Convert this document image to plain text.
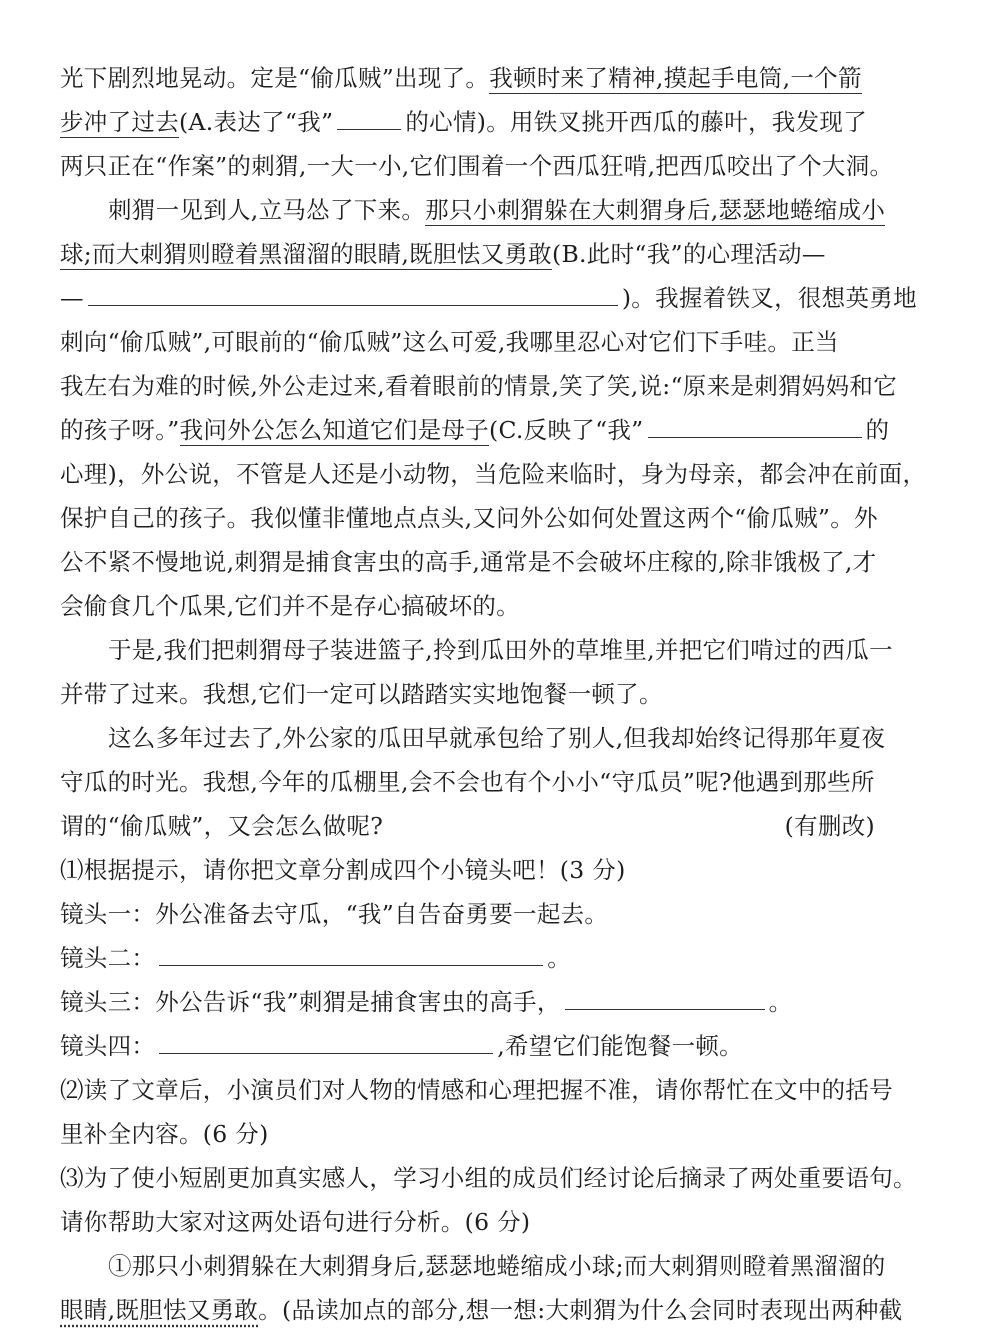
光下剧烈地晃动。定是“偷瓜贼”出现了。我顿时来了精神,摸起手电筒,一个箭
步冲了过去(A.表达了“我”	的心情)。用铁叉挑开西瓜的藤叶，我发现了
两只正在“作案”的刺猬,一大一小,它们围着一个西瓜狂啃,把西瓜咬出了个大洞。
刺猬一见到人,立马怂了下来。那只小刺猬躲在大刺猬身后,瑟瑟地蜷缩成小
球;而大刺猬则瞪着黑溜溜的眼睛,既胆怯又勇敢(B.此时“我”的心理活动—
—	)。我握着铁叉，很想英勇地
刺向“偷瓜贼”,可眼前的“偷瓜贼”这么可爱,我哪里忍心对它们下手哇。正当
我左右为难的时候,外公走过来,看着眼前的情景,笑了笑,说:“原来是刺猬妈妈和它
的孩子呀。”我问外公怎么知道它们是母子(C.反映了“我”	的
心理)，外公说，不管是人还是小动物，当危险来临时，身为母亲，都会冲在前面，
保护自己的孩子。我似懂非懂地点点头,又问外公如何处置这两个“偷瓜贼”。外
公不紧不慢地说,刺猬是捕食害虫的高手,通常是不会破坏庄稼的,除非饿极了,才
会偷食几个瓜果,它们并不是存心搞破坏的。
于是,我们把刺猬母子装进篮子,拎到瓜田外的草堆里,并把它们啃过的西瓜一
并带了过来。我想,它们一定可以踏踏实实地饱餐一顿了。
这么多年过去了,外公家的瓜田早就承包给了别人,但我却始终记得那年夏夜
守瓜的时光。我想,今年的瓜棚里,会不会也有个小小“守瓜员”呢?他遇到那些所
谓的“偷瓜贼”，又会怎么做呢?	(有删改)
⑴根据提示，请你把文章分割成四个小镜头吧！(3 分)
镜头一：外公准备去守瓜，“我”自告奋勇要一起去。
镜头二：	。
镜头三：外公告诉“我”刺猬是捕食害虫的高手，	。
镜头四：	,希望它们能饱餐一顿。
⑵读了文章后，小演员们对人物的情感和心理把握不准，请你帮忙在文中的括号
里补全内容。(6 分)
⑶为了使小短剧更加真实感人，学习小组的成员们经讨论后摘录了两处重要语句。
请你帮助大家对这两处语句进行分析。(6 分)
①那只小刺猬躲在大刺猬身后,瑟瑟地蜷缩成小球;而大刺猬则瞪着黑溜溜的
眼睛,既胆怯又勇敢。(品读加点的部分,想一想:大刺猬为什么会同时表现出两种截
